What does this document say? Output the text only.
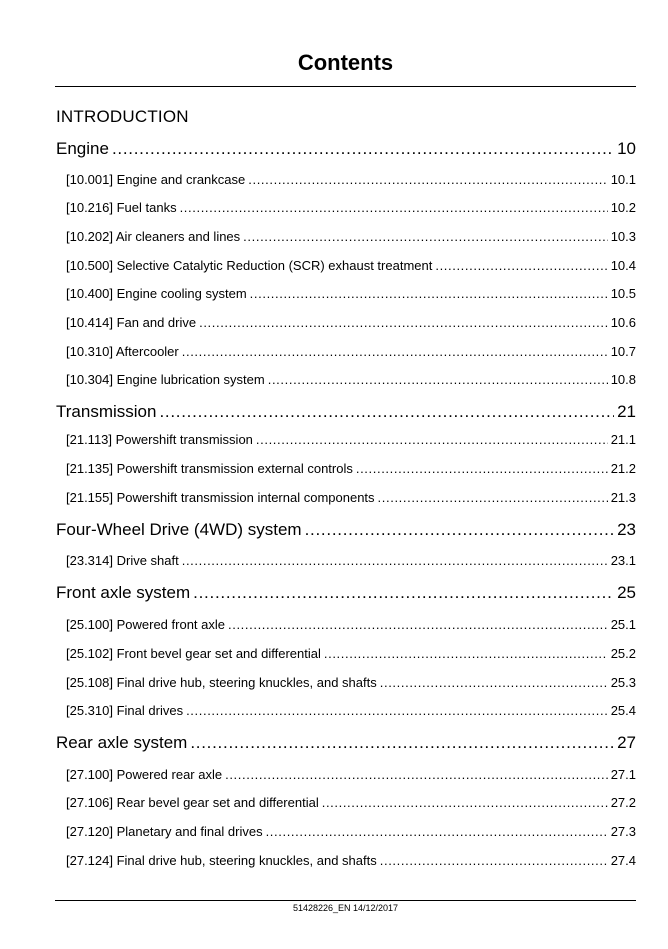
Contents
INTRODUCTION
Engine . . .	10
[10.001] Engine and crankcase . . .	10.1
[10.216] Fuel tanks . . .	10.2
[10.202] Air cleaners and lines . . .	10.3
[10.500] Selective Catalytic Reduction (SCR) exhaust treatment . . .	10.4
[10.400] Engine cooling system . . .	10.5
[10.414] Fan and drive . . .	10.6
[10.310] Aftercooler . . .	10.7
[10.304] Engine lubrication system . . .	10.8
Transmission . . .	21
[21.113] Powershift transmission . . .	21.1
[21.135] Powershift transmission external controls . . .	21.2
[21.155] Powershift transmission internal components . . .	21.3
Four-Wheel Drive (4WD) system . . .	23
[23.314] Drive shaft . . .	23.1
Front axle system . . .	25
[25.100] Powered front axle . . .	25.1
[25.102] Front bevel gear set and differential . . .	25.2
[25.108] Final drive hub, steering knuckles, and shafts . . .	25.3
[25.310] Final drives . . .	25.4
Rear axle system . . .	27
[27.100] Powered rear axle . . .	27.1
[27.106] Rear bevel gear set and differential . . .	27.2
[27.120] Planetary and final drives . . .	27.3
[27.124] Final drive hub, steering knuckles, and shafts . . .	27.4
51428226_EN 14/12/2017
